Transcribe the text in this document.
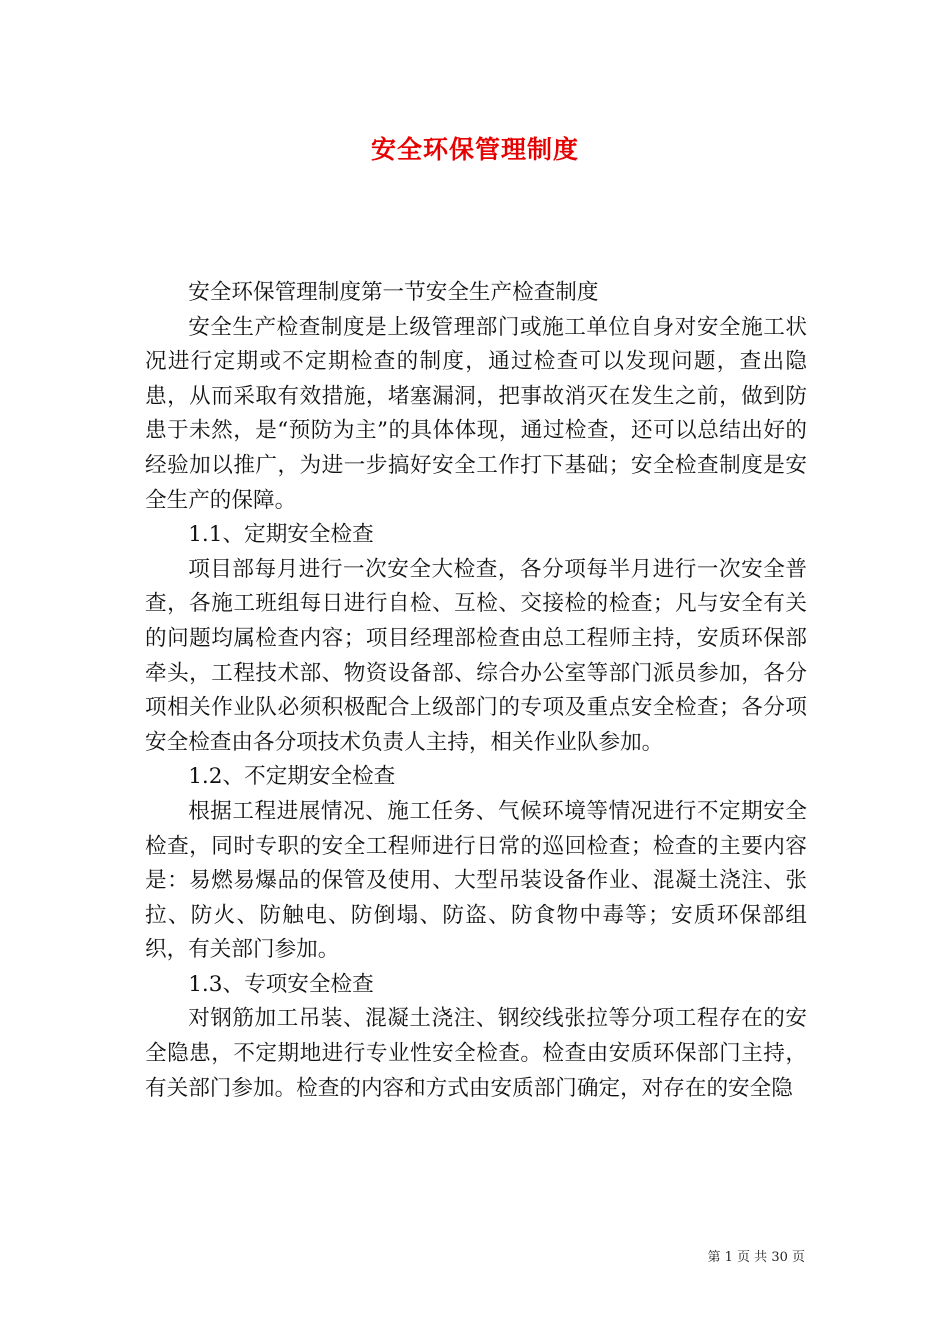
安全环保管理制度

安全环保管理制度第一节安全生产检查制度

安全生产检查制度是上级管理部门或施工单位自身对安全施工状况进行定期或不定期检查的制度，通过检查可以发现问题，查出隐患，从而采取有效措施，堵塞漏洞，把事故消灭在发生之前，做到防患于未然，是“预防为主”的具体体现，通过检查，还可以总结出好的经验加以推广，为进一步搞好安全工作打下基础；安全检查制度是安全生产的保障。

1.1、定期安全检查

项目部每月进行一次安全大检查，各分项每半月进行一次安全普查，各施工班组每日进行自检、互检、交接检的检查；凡与安全有关的问题均属检查内容；项目经理部检查由总工程师主持，安质环保部牵头，工程技术部、物资设备部、综合办公室等部门派员参加，各分项相关作业队必须积极配合上级部门的专项及重点安全检查；各分项安全检查由各分项技术负责人主持，相关作业队参加。

1.2、不定期安全检查

根据工程进展情况、施工任务、气候环境等情况进行不定期安全检查，同时专职的安全工程师进行日常的巡回检查；检查的主要内容是：易燃易爆品的保管及使用、大型吊装设备作业、混凝土浇注、张拉、防火、防触电、防倒塌、防盗、防食物中毒等；安质环保部组织，有关部门参加。

1.3、专项安全检查

对钢筋加工吊装、混凝土浇注、钢绞线张拉等分项工程存在的安全隐患，不定期地进行专业性安全检查。检查由安质环保部门主持，有关部门参加。检查的内容和方式由安质部门确定，对存在的安全隐

第 1 页 共 30 页
